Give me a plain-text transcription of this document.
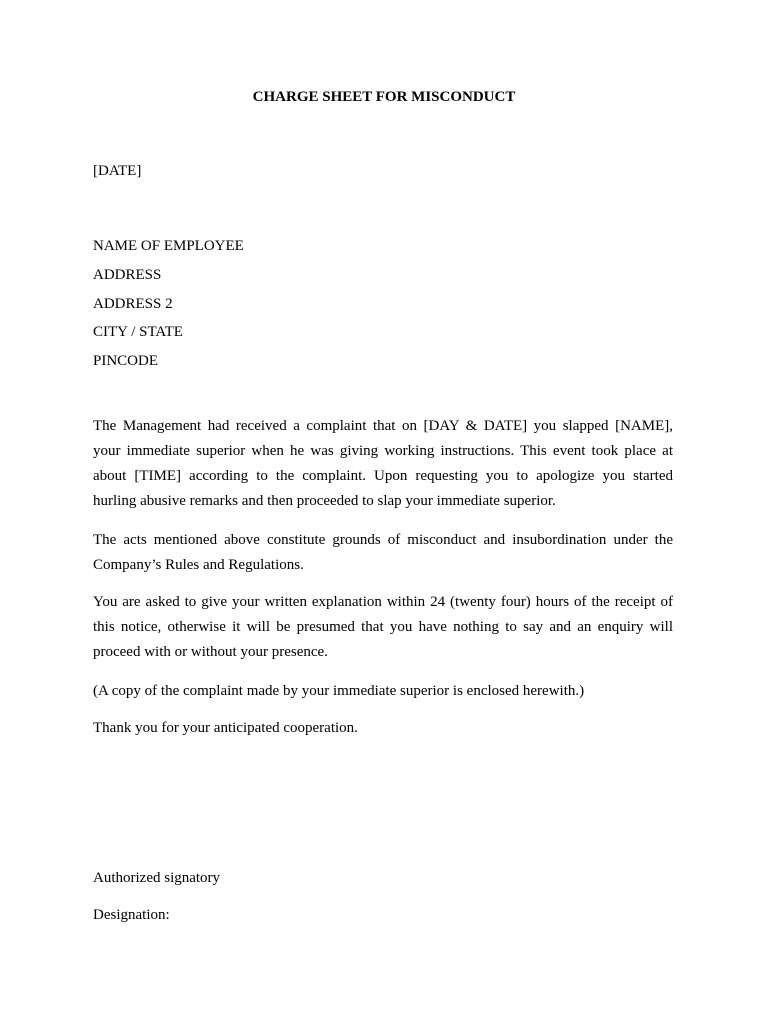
CHARGE SHEET FOR MISCONDUCT

[DATE]

NAME OF EMPLOYEE

ADDRESS

ADDRESS 2

CITY / STATE

PINCODE

The Management had received a complaint that on [DAY & DATE] you slapped [NAME],
your immediate superior when he was giving working instructions. This event took place at
about [TIME] according to the complaint. Upon requesting you to apologize you started
hurling abusive remarks and then proceeded to slap your immediate superior.
The acts mentioned above constitute grounds of misconduct and insubordination under the
Company’s Rules and Regulations.
You are asked to give your written explanation within 24 (twenty four) hours of the receipt of
this notice, otherwise it will be presumed that you have nothing to say and an enquiry will
proceed with or without your presence.

(A copy of the complaint made by your immediate superior is enclosed herewith.)

Thank you for your anticipated cooperation.

Authorized signatory

Designation:
